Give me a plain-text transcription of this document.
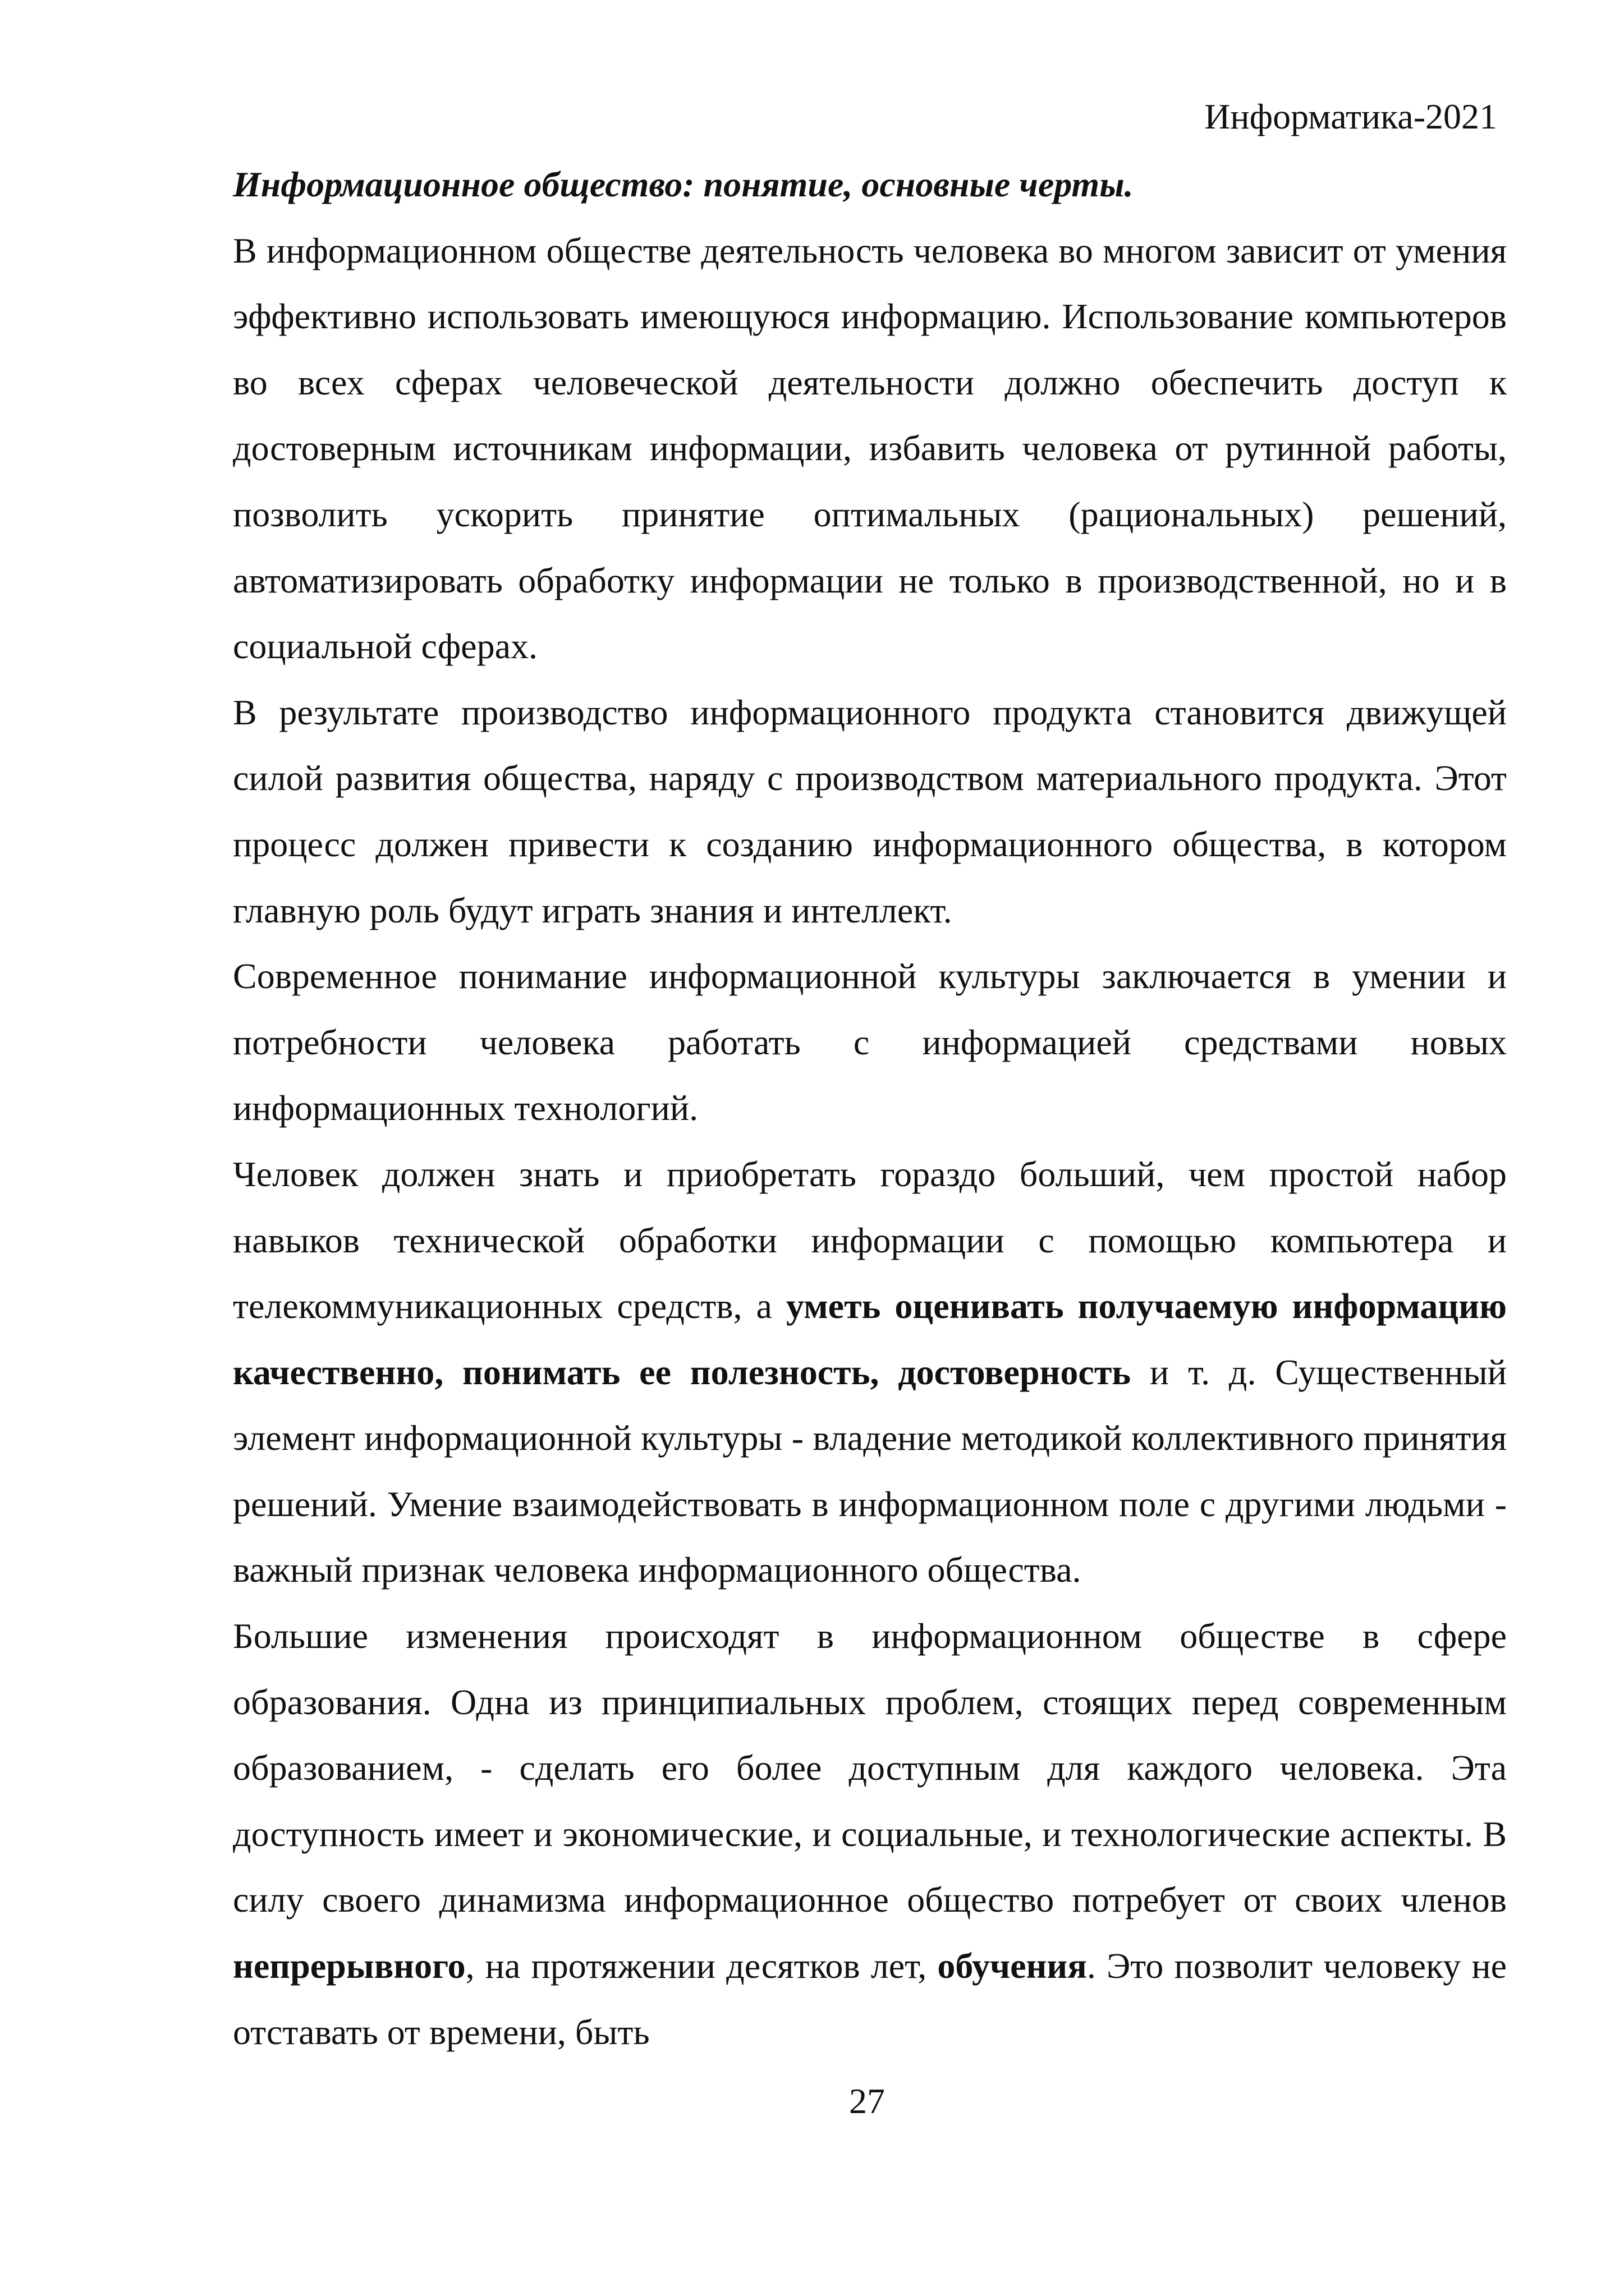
Информатика-2021

Информационное общество: понятие, основные черты.

В информационном обществе деятельность человека во многом зависит от умения эффективно использовать имеющуюся информацию. Использование компьютеров во всех сферах человеческой деятельности должно обеспечить доступ к достоверным источникам информации, избавить человека от рутинной работы, позволить ускорить принятие оптимальных (рациональных) решений, автоматизировать обработку информации не только в производственной, но и в социальной сферах.

В результате производство информационного продукта становится движущей силой развития общества, наряду с производством материального продукта. Этот процесс должен привести к созданию информационного общества, в котором главную роль будут играть знания и интеллект.

Современное понимание информационной культуры заключается в умении и потребности человека работать с информацией средствами новых информационных технологий.

Человек должен знать и приобретать гораздо больший, чем простой набор навыков технической обработки информации с помощью компьютера и телекоммуникационных средств, а уметь оценивать получаемую информацию качественно, понимать ее полезность, достоверность и т. д. Существенный элемент информационной культуры - владение методикой коллективного принятия решений. Умение взаимодействовать в информационном поле с другими людьми - важный признак человека информационного общества.

Большие изменения происходят в информационном обществе в сфере образования. Одна из принципиальных проблем, стоящих перед современным образованием, - сделать его более доступным для каждого человека. Эта доступность имеет и экономические, и социальные, и технологические аспекты. В силу своего динамизма информационное общество потребует от своих членов непрерывного, на протяжении десятков лет, обучения. Это позволит человеку не отставать от времени, быть

27
